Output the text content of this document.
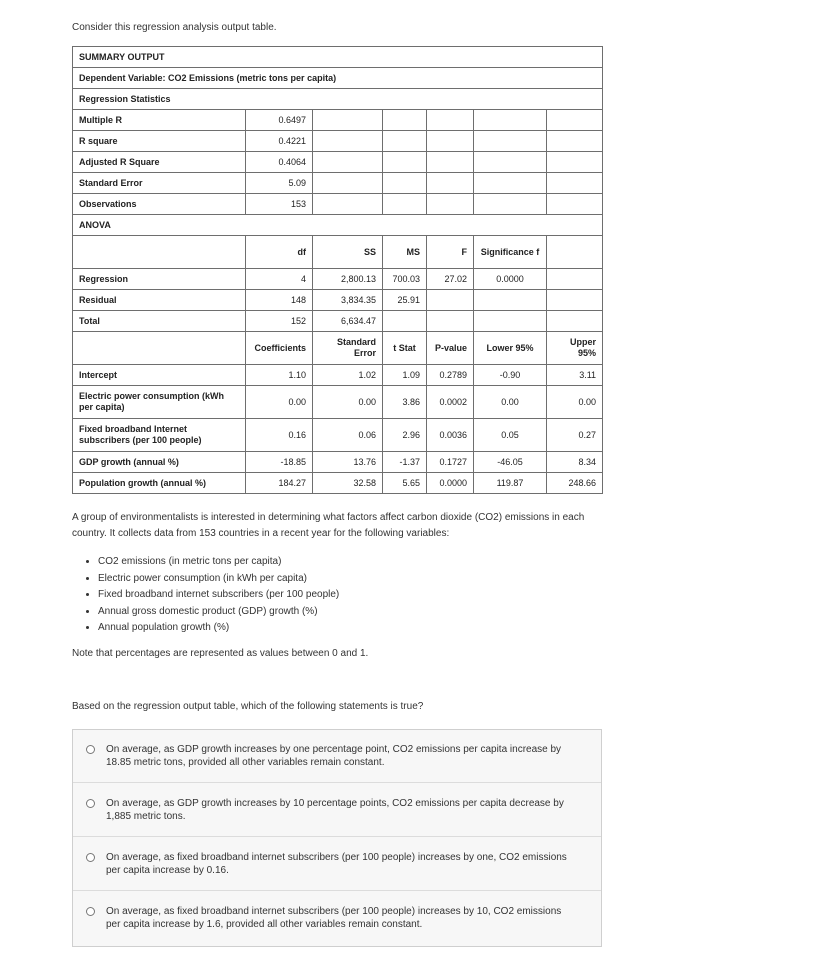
Consider this regression analysis output table.
SUMMARY OUTPUT						
Dependent Variable: CO2 Emissions (metric tons per capita)						
Regression Statistics						
Multiple R	0.6497					
R square	0.4221					
Adjusted R Square	0.4064					
Standard Error	5.09					
Observations	153					
ANOVA						
	df	SS	MS	F	Significance f	
Regression	4	2,800.13	700.03	27.02	0.0000	
Residual	148	3,834.35	25.91			
Total	152	6,634.47				
	Coefficients	Standard Error	t Stat	P-value	Lower 95%	Upper 95%
Intercept	1.10	1.02	1.09	0.2789	-0.90	3.11
Electric power consumption (kWh per capita)	0.00	0.00	3.86	0.0002	0.00	0.00
Fixed broadband Internet subscribers (per 100 people)	0.16	0.06	2.96	0.0036	0.05	0.27
GDP growth (annual %)	-18.85	13.76	-1.37	0.1727	-46.05	8.34
Population growth (annual %)	184.27	32.58	5.65	0.0000	119.87	248.66
A group of environmentalists is interested in determining what factors affect carbon dioxide (CO2) emissions in each country. It collects data from 153 countries in a recent year for the following variables:
• CO2 emissions (in metric tons per capita)
• Electric power consumption (in kWh per capita)
• Fixed broadband internet subscribers (per 100 people)
• Annual gross domestic product (GDP) growth (%)
• Annual population growth (%)
Note that percentages are represented as values between 0 and 1.
Based on the regression output table, which of the following statements is true?
On average, as GDP growth increases by one percentage point, CO2 emissions per capita increase by 18.85 metric tons, provided all other variables remain constant.
On average, as GDP growth increases by 10 percentage points, CO2 emissions per capita decrease by 1,885 metric tons.
On average, as fixed broadband internet subscribers (per 100 people) increases by one, CO2 emissions per capita increase by 0.16.
On average, as fixed broadband internet subscribers (per 100 people) increases by 10, CO2 emissions per capita increase by 1.6, provided all other variables remain constant.
